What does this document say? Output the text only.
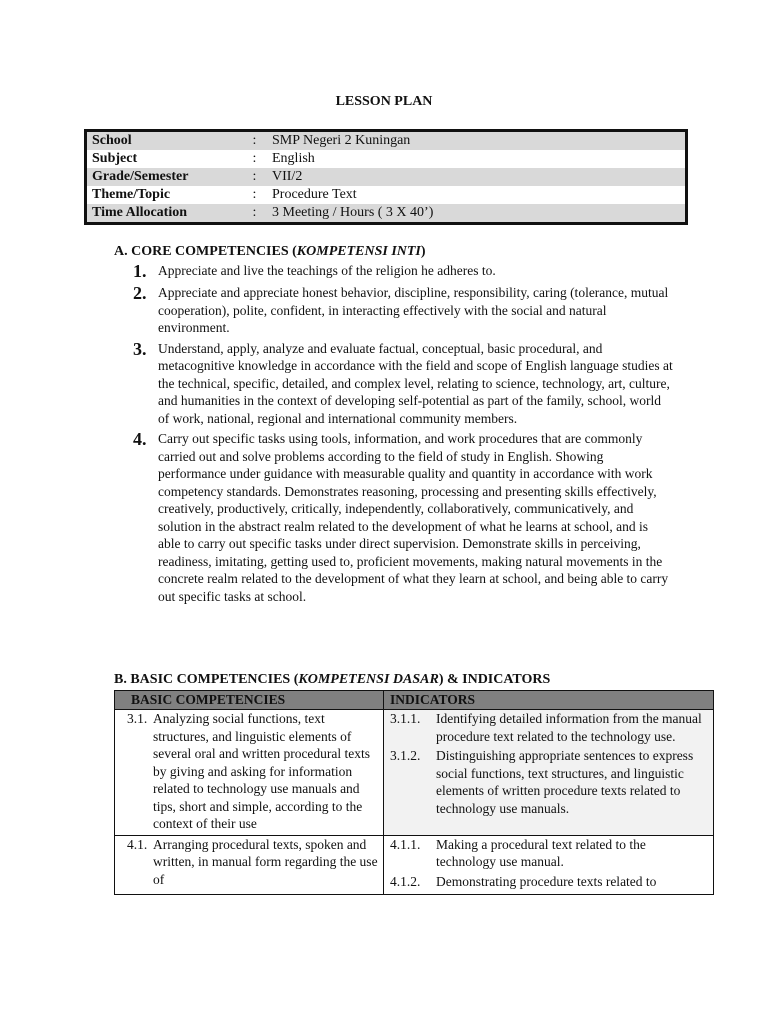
LESSON PLAN
School	:	SMP Negeri 2 Kuningan
Subject	:	English
Grade/Semester	:	VII/2
Theme/Topic	:	Procedure Text
Time Allocation	:	3 Meeting / Hours ( 3 X 40’)
A. CORE COMPETENCIES (KOMPETENSI INTI)
1. Appreciate and live the teachings of the religion he adheres to.
2. Appreciate and appreciate honest behavior, discipline, responsibility, caring (tolerance, mutual cooperation), polite, confident, in interacting effectively with the social and natural environment.
3. Understand, apply, analyze and evaluate factual, conceptual, basic procedural, and metacognitive knowledge in accordance with the field and scope of English language studies at the technical, specific, detailed, and complex level, relating to science, technology, art, culture, and humanities in the context of developing self-potential as part of the family, school, world of work, national, regional and international community members.
4. Carry out specific tasks using tools, information, and work procedures that are commonly carried out and solve problems according to the field of study in English. Showing performance under guidance with measurable quality and quantity in accordance with work competency standards. Demonstrates reasoning, processing and presenting skills effectively, creatively, productively, critically, independently, collaboratively, communicatively, and solution in the abstract realm related to the development of what he learns at school, and is able to carry out specific tasks under direct supervision. Demonstrate skills in perceiving, readiness, imitating, getting used to, proficient movements, making natural movements in the concrete realm related to the development of what they learn at school, and being able to carry out specific tasks at school.
B. BASIC COMPETENCIES (KOMPETENSI DASAR) & INDICATORS
BASIC COMPETENCIES	INDICATORS
3.1. Analyzing social functions, text structures, and linguistic elements of several oral and written procedural texts by giving and asking for information related to technology use manuals and tips, short and simple, according to the context of their use
3.1.1.	Identifying detailed information from the manual procedure text related to the technology use.
3.1.2.	Distinguishing appropriate sentences to express social functions, text structures, and linguistic elements of written procedure texts related to technology use manuals.
4.1. Arranging procedural texts, spoken and written, in manual form regarding the use of
4.1.1.	Making a procedural text related to the technology use manual.
4.1.2.	Demonstrating procedure texts related to
